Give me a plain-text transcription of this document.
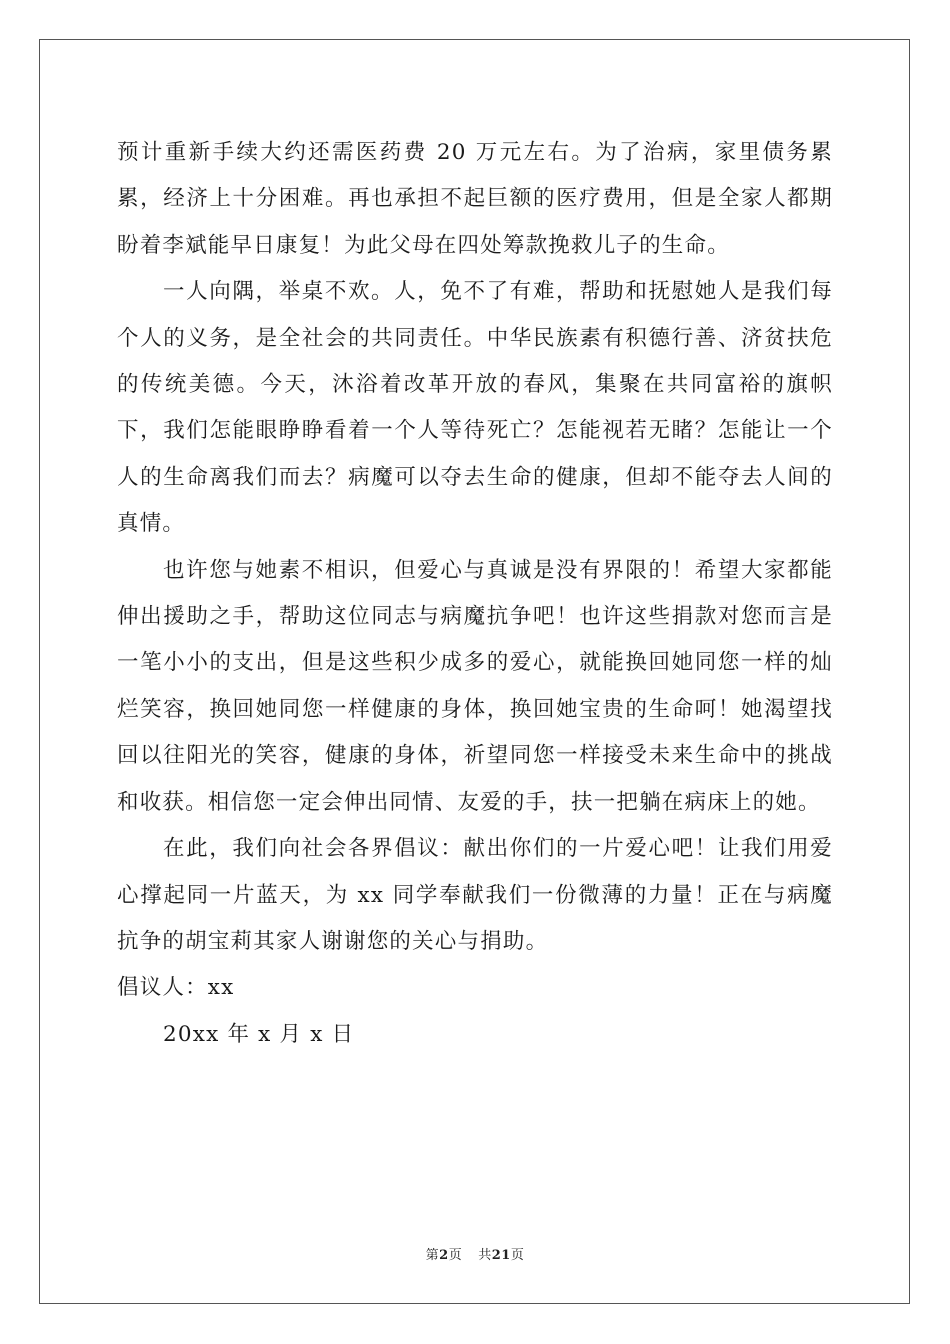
预计重新手续大约还需医药费 20 万元左右。为了治病，家里债务累累，经济上十分困难。再也承担不起巨额的医疗费用，但是全家人都期盼着李斌能早日康复！为此父母在四处筹款挽救儿子的生命。

一人向隅，举桌不欢。人，免不了有难，帮助和抚慰她人是我们每个人的义务，是全社会的共同责任。中华民族素有积德行善、济贫扶危的传统美德。今天，沐浴着改革开放的春风，集聚在共同富裕的旗帜下，我们怎能眼睁睁看着一个人等待死亡？怎能视若无睹？怎能让一个人的生命离我们而去？病魔可以夺去生命的健康，但却不能夺去人间的真情。

也许您与她素不相识，但爱心与真诚是没有界限的！希望大家都能伸出援助之手，帮助这位同志与病魔抗争吧！也许这些捐款对您而言是一笔小小的支出，但是这些积少成多的爱心，就能换回她同您一样的灿烂笑容，换回她同您一样健康的身体，换回她宝贵的生命呵！她渴望找回以往阳光的笑容，健康的身体，祈望同您一样接受未来生命中的挑战和收获。相信您一定会伸出同情、友爱的手，扶一把躺在病床上的她。

在此，我们向社会各界倡议：献出你们的一片爱心吧！让我们用爱心撑起同一片蓝天，为 xx 同学奉献我们一份微薄的力量！正在与病魔抗争的胡宝莉其家人谢谢您的关心与捐助。

倡议人：xx

20xx 年 x 月 x 日

第2页 共21页
